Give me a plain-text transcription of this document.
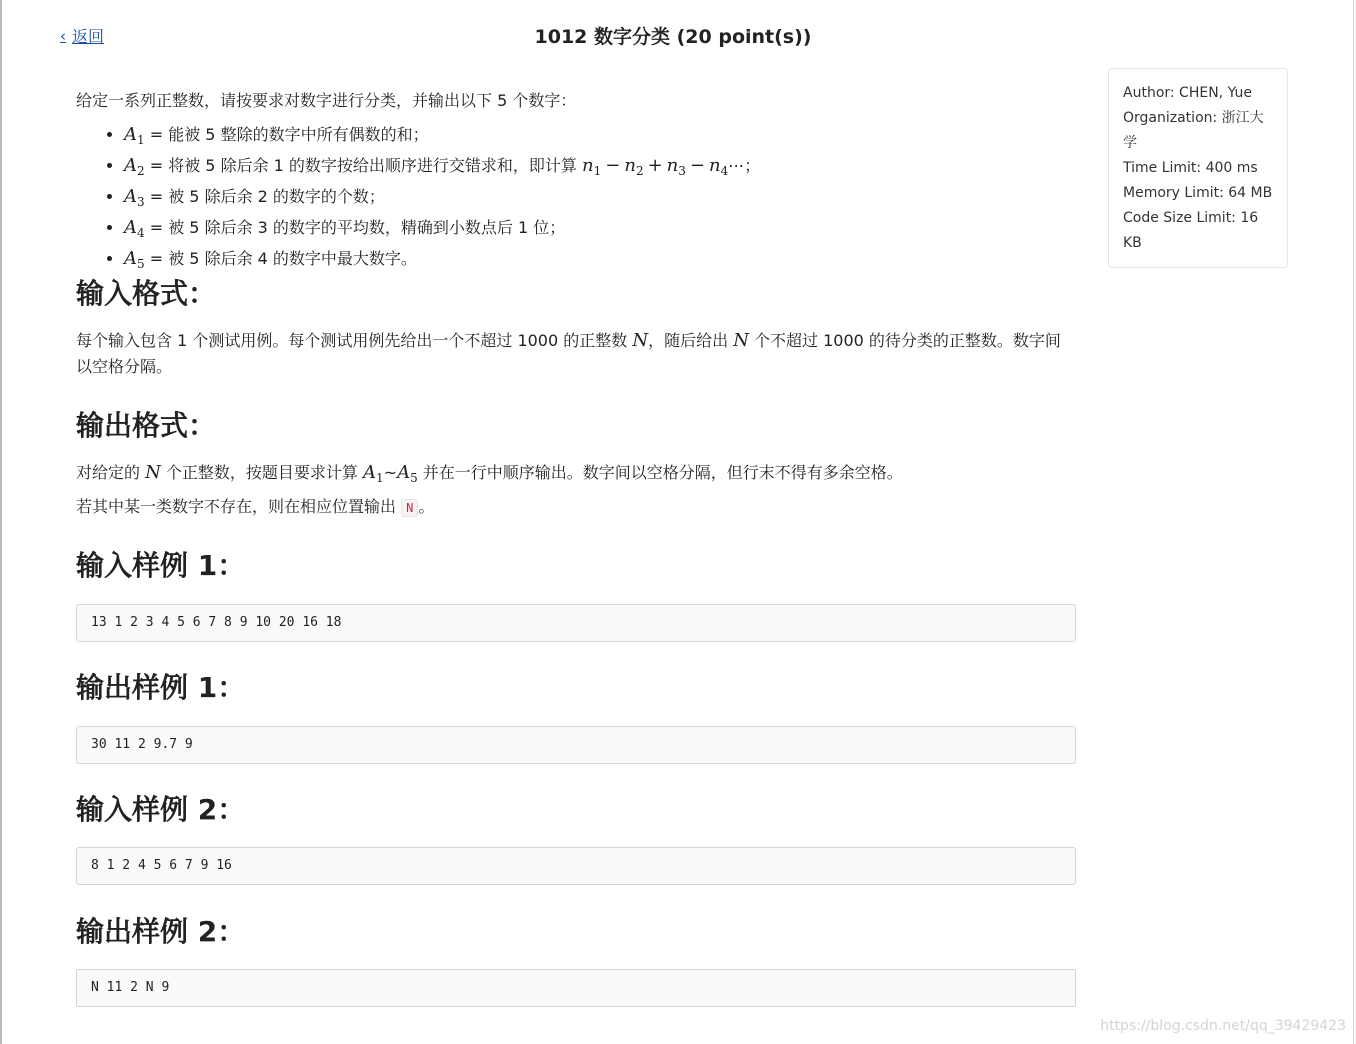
‹ 返回	1012 数字分类 (20 point(s))

给定一系列正整数，请按要求对数字进行分类，并输出以下 5 个数字：

• $A_1$ = 能被 5 整除的数字中所有偶数的和；
• $A_2$ = 将被 5 除后余 1 的数字按给出顺序进行交错求和，即计算 $n_1 - n_2 + n_3$ − $n_4\cdots$；
• $A_3$ = 被 5 除后余 2 的数字的个数；
• $A_4$ = 被 5 除后余 3 的数字的平均数，精确到小数点后 1 位；
• $A_5$ = 被 5 除后余 4 的数字中最大数字。
输入格式：

每个输入包含 1 个测试用例。每个测试用例先给出一个不超过 1000 的正整数 N，随后给出 N 个不超过 1000 的待分类的正整数。数字间以空格分隔。

输出格式：

对给定的 N 个正整数，按题目要求计算 $A_1\sim A_5$ 并在一行中顺序输出。数字间以空格分隔，但行末不得有多余空格。

若其中某一类数字不存在，则在相应位置输出 N 。

输入样例 1：
13 1 2 3 4 5 6 7 8 9 10 20 16 18
输出样例 1：
30 11 2 9.7 9
输入样例 2：
8 1 2 4 5 6 7 9 16
输出样例 2：
N 11 2 N 9
Author: CHEN, Yue
Organization: 浙江大学
Time Limit: 400 ms
Memory Limit: 64 MB
Code Size Limit: 16 KB
https://blog.csdn.net/qq_39429423
